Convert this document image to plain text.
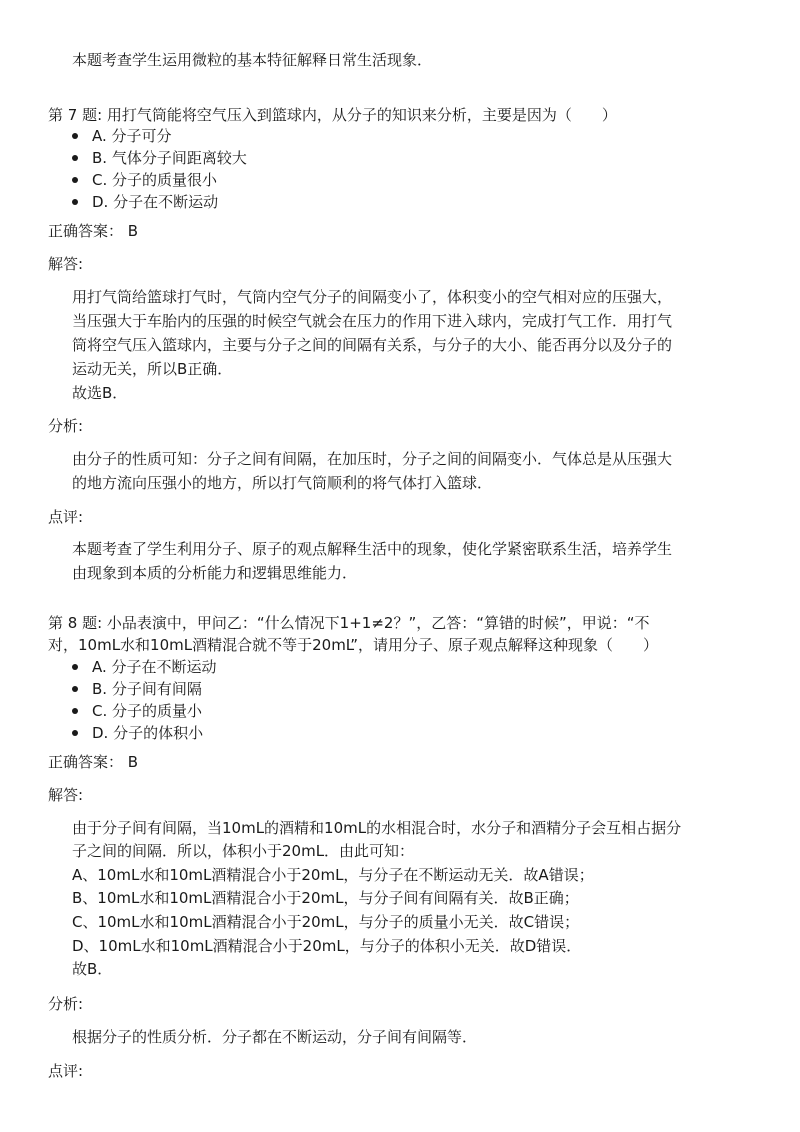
本题考查学生运用微粒的基本特征解释日常生活现象．
第 7 题: 用打气筒能将空气压入到篮球内，从分子的知识来分析，主要是因为（　　）
A. 分子可分
B. 气体分子间距离较大
C. 分子的质量很小
D. 分子在不断运动
正确答案： B
解答:
用打气筒给篮球打气时，气筒内空气分子的间隔变小了，体积变小的空气相对应的压强大，
当压强大于车胎内的压强的时候空气就会在压力的作用下进入球内，完成打气工作．用打气
筒将空气压入篮球内，主要与分子之间的间隔有关系，与分子的大小、能否再分以及分子的
运动无关，所以B正确．
故选B．
分析:
由分子的性质可知：分子之间有间隔，在加压时，分子之间的间隔变小．气体总是从压强大
的地方流向压强小的地方，所以打气筒顺利的将气体打入篮球．
点评:
本题考查了学生利用分子、原子的观点解释生活中的现象，使化学紧密联系生活，培养学生
由现象到本质的分析能力和逻辑思维能力．
第 8 题: 小品表演中，甲问乙：“什么情况下1+1≠2？”，乙答：“算错的时候”，甲说：“不
对，10mL水和10mL酒精混合就不等于20mL”，请用分子、原子观点解释这种现象（　　）
A. 分子在不断运动
B. 分子间有间隔
C. 分子的质量小
D. 分子的体积小
正确答案： B
解答:
由于分子间有间隔，当10mL的酒精和10mL的水相混合时，水分子和酒精分子会互相占据分
子之间的间隔．所以，体积小于20mL．由此可知：
A、10mL水和10mL酒精混合小于20mL，与分子在不断运动无关．故A错误；
B、10mL水和10mL酒精混合小于20mL，与分子间有间隔有关．故B正确；
C、10mL水和10mL酒精混合小于20mL，与分子的质量小无关．故C错误；
D、10mL水和10mL酒精混合小于20mL，与分子的体积小无关．故D错误．
故B．
分析:
根据分子的性质分析．分子都在不断运动，分子间有间隔等．
点评:
